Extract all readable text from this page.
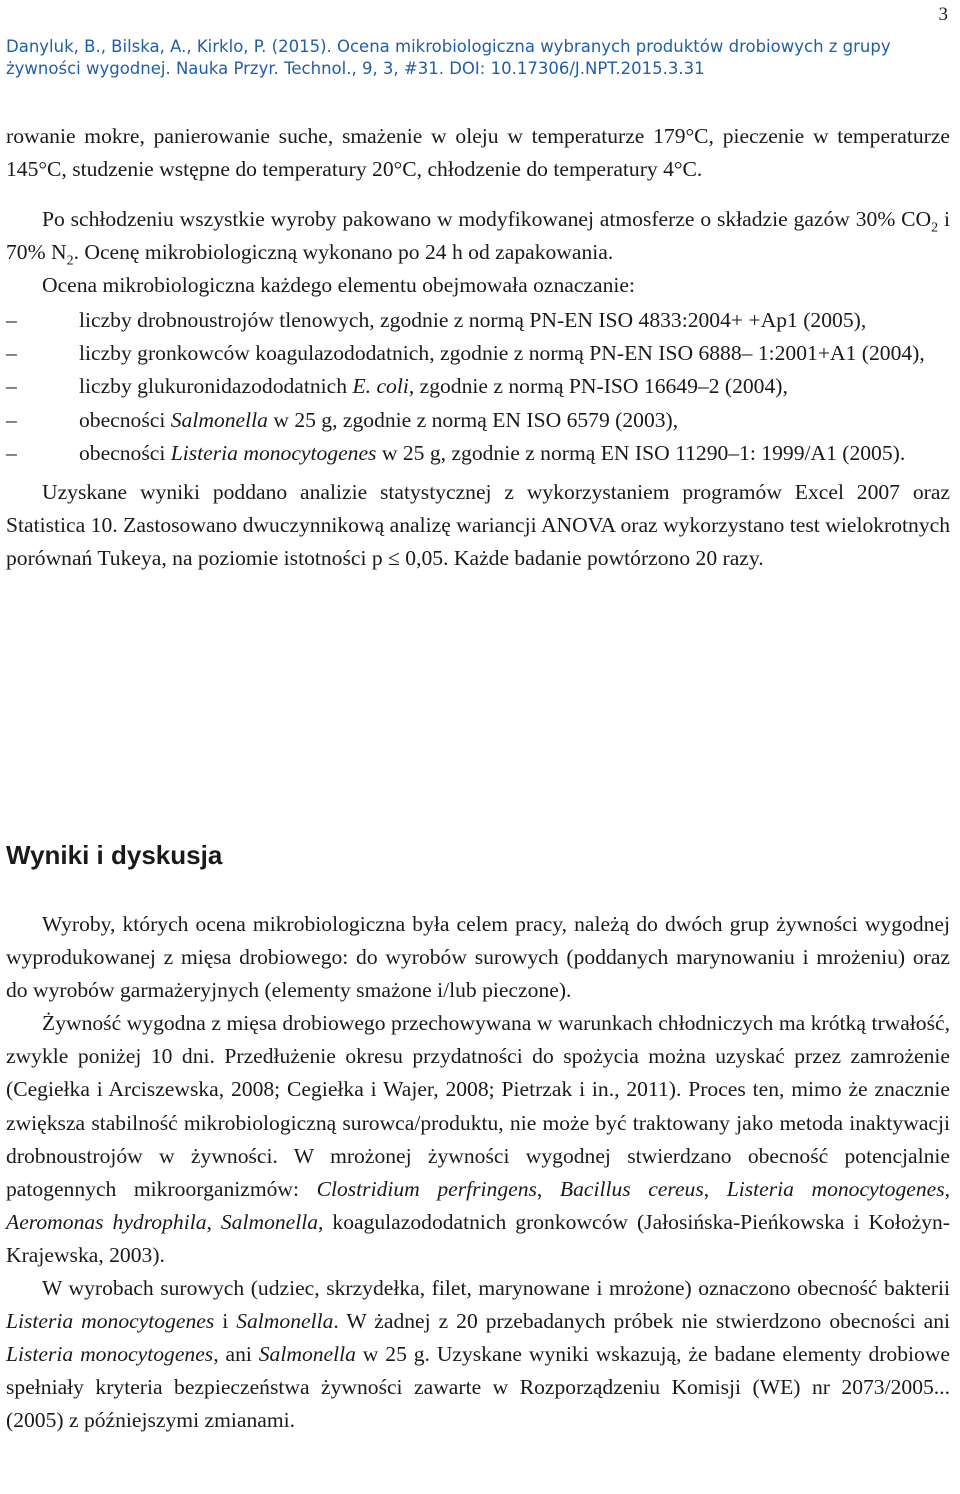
3
Danyluk, B., Bilska, A., Kirklo, P. (2015). Ocena mikrobiologiczna wybranych produktów drobiowych z grupy
żywności wygodnej. Nauka Przyr. Technol., 9, 3, #31. DOI: 10.17306/J.NPT.2015.3.31

rowanie mokre, panierowanie suche, smażenie w oleju w temperaturze 179°C, pieczenie w temperaturze 145°C, studzenie wstępne do temperatury 20°C, chłodzenie do temperatury 4°C.

Po schłodzeniu wszystkie wyroby pakowano w modyfikowanej atmosferze o składzie gazów 30% $CO_2$ i 70% $N_2$. Ocenę mikrobiologiczną wykonano po 24 h od zapakowania.

Ocena mikrobiologiczna każdego elementu obejmowała oznaczanie:

–	liczby drobnoustrojów tlenowych, zgodnie z normą PN-EN ISO 4833:2004+ +Ap1 (2005),

–	liczby gronkowców koagulazododatnich, zgodnie z normą PN-EN ISO 6888– 1:2001+A1 (2004),

–	liczby glukuronidazododatnich E. coli, zgodnie z normą PN-ISO 16649–2 (2004),

–	obecności Salmonella w 25 g, zgodnie z normą EN ISO 6579 (2003),

–	obecności Listeria monocytogenes w 25 g, zgodnie z normą EN ISO 11290–1: 1999/A1 (2005).

Uzyskane wyniki poddano analizie statystycznej z wykorzystaniem programów Excel 2007 oraz Statistica 10. Zastosowano dwuczynnikową analizę wariancji ANOVA oraz wykorzystano test wielokrotnych porównań Tukeya, na poziomie istotności p ≤ 0,05. Każde badanie powtórzono 20 razy.

Wyniki i dyskusja

Wyroby, których ocena mikrobiologiczna była celem pracy, należą do dwóch grup żywności wygodnej wyprodukowanej z mięsa drobiowego: do wyrobów surowych (poddanych marynowaniu i mrożeniu) oraz do wyrobów garmażeryjnych (elementy smażone i/lub pieczone).

Żywność wygodna z mięsa drobiowego przechowywana w warunkach chłodniczych ma krótką trwałość, zwykle poniżej 10 dni. Przedłużenie okresu przydatności do spożycia można uzyskać przez zamrożenie (Cegiełka i Arciszewska, 2008; Cegiełka i Wajer, 2008; Pietrzak i in., 2011). Proces ten, mimo że znacznie zwiększa stabilność mikrobiologiczną surowca/produktu, nie może być traktowany jako metoda inaktywacji drobnoustrojów w żywności. W mrożonej żywności wygodnej stwierdzano obecność potencjalnie patogennych mikroorganizmów: Clostridium perfringens, Bacillus cereus, Listeria monocytogenes, Aeromonas hydrophila, Salmonella, koagulazododatnich gronkowców (Jałosińska-Pieńkowska i Kołożyn-Krajewska, 2003).

W wyrobach surowych (udziec, skrzydełka, filet, marynowane i mrożone) oznaczono obecność bakterii Listeria monocytogenes i Salmonella. W żadnej z 20 przebadanych próbek nie stwierdzono obecności ani Listeria monocytogenes, ani Salmonella w 25 g. Uzyskane wyniki wskazują, że badane elementy drobiowe spełniały kryteria bezpieczeństwa żywności zawarte w Rozporządzeniu Komisji (WE) nr 2073/2005... (2005) z późniejszymi zmianami.
